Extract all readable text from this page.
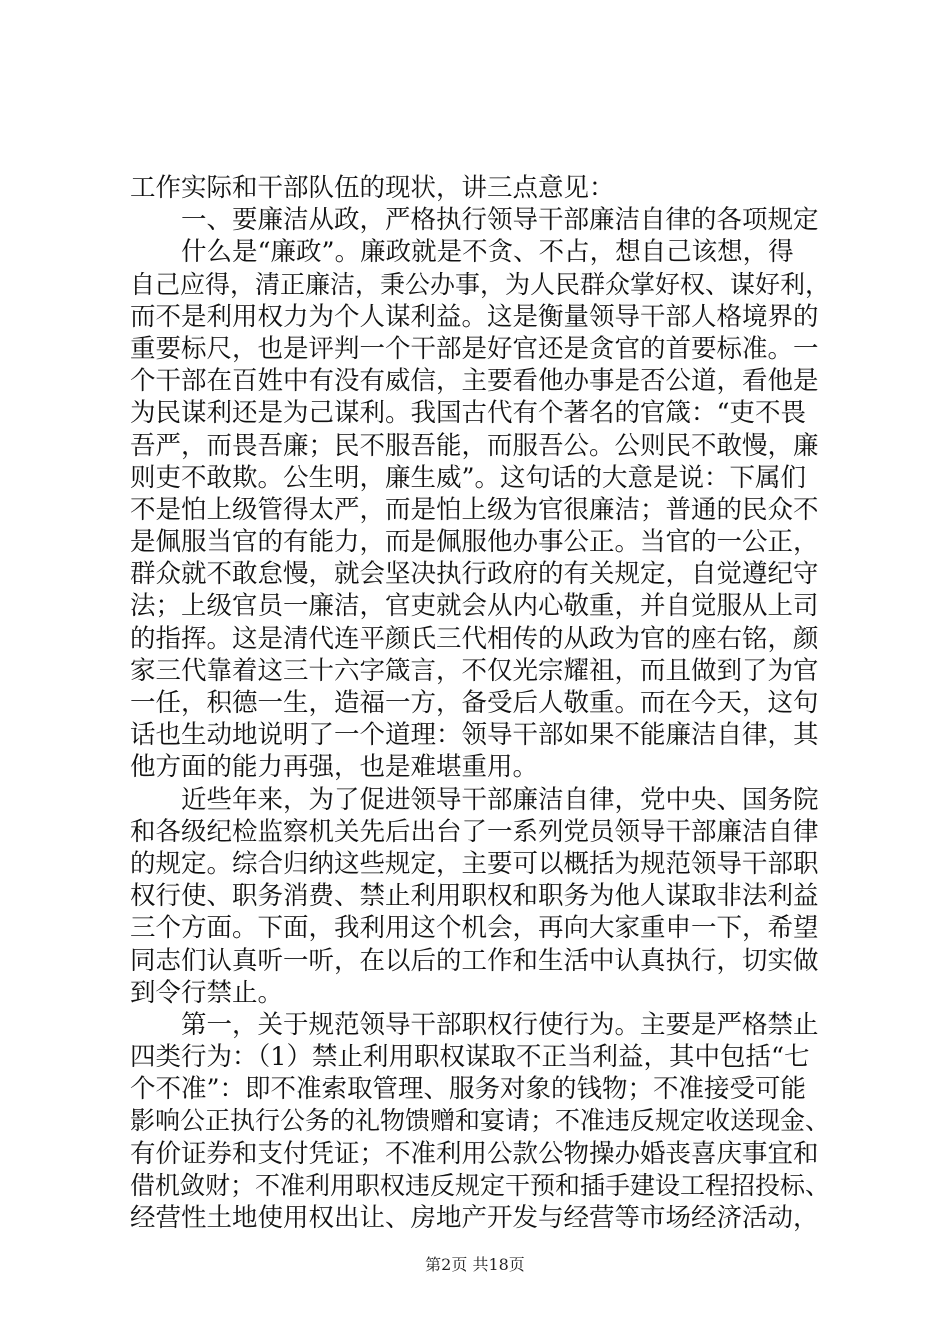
工作实际和干部队伍的现状，讲三点意见：
一、要廉洁从政，严格执行领导干部廉洁自律的各项规定
什么是“廉政”。廉政就是不贪、不占，想自己该想，得
自己应得，清正廉洁，秉公办事，为人民群众掌好权、谋好利，
而不是利用权力为个人谋利益。这是衡量领导干部人格境界的
重要标尺，也是评判一个干部是好官还是贪官的首要标准。一
个干部在百姓中有没有威信，主要看他办事是否公道，看他是
为民谋利还是为己谋利。我国古代有个著名的官箴：“吏不畏
吾严，而畏吾廉；民不服吾能，而服吾公。公则民不敢慢，廉
则吏不敢欺。公生明，廉生威”。这句话的大意是说：下属们
不是怕上级管得太严，而是怕上级为官很廉洁；普通的民众不
是佩服当官的有能力，而是佩服他办事公正。当官的一公正，
群众就不敢怠慢，就会坚决执行政府的有关规定，自觉遵纪守
法；上级官员一廉洁，官吏就会从内心敬重，并自觉服从上司
的指挥。这是清代连平颜氏三代相传的从政为官的座右铭，颜
家三代靠着这三十六字箴言，不仅光宗耀祖，而且做到了为官
一任，积德一生，造福一方，备受后人敬重。而在今天，这句
话也生动地说明了一个道理：领导干部如果不能廉洁自律，其
他方面的能力再强，也是难堪重用。
近些年来，为了促进领导干部廉洁自律，党中央、国务院
和各级纪检监察机关先后出台了一系列党员领导干部廉洁自律
的规定。综合归纳这些规定，主要可以概括为规范领导干部职
权行使、职务消费、禁止利用职权和职务为他人谋取非法利益
三个方面。下面，我利用这个机会，再向大家重申一下，希望
同志们认真听一听，在以后的工作和生活中认真执行，切实做
到令行禁止。
第一，关于规范领导干部职权行使行为。主要是严格禁止
四类行为：（1）禁止利用职权谋取不正当利益，其中包括“七
个不准”：即不准索取管理、服务对象的钱物；不准接受可能
影响公正执行公务的礼物馈赠和宴请；不准违反规定收送现金、
有价证券和支付凭证；不准利用公款公物操办婚丧喜庆事宜和
借机敛财；不准利用职权违反规定干预和插手建设工程招投标、
经营性土地使用权出让、房地产开发与经营等市场经济活动，
第2页 共18页
